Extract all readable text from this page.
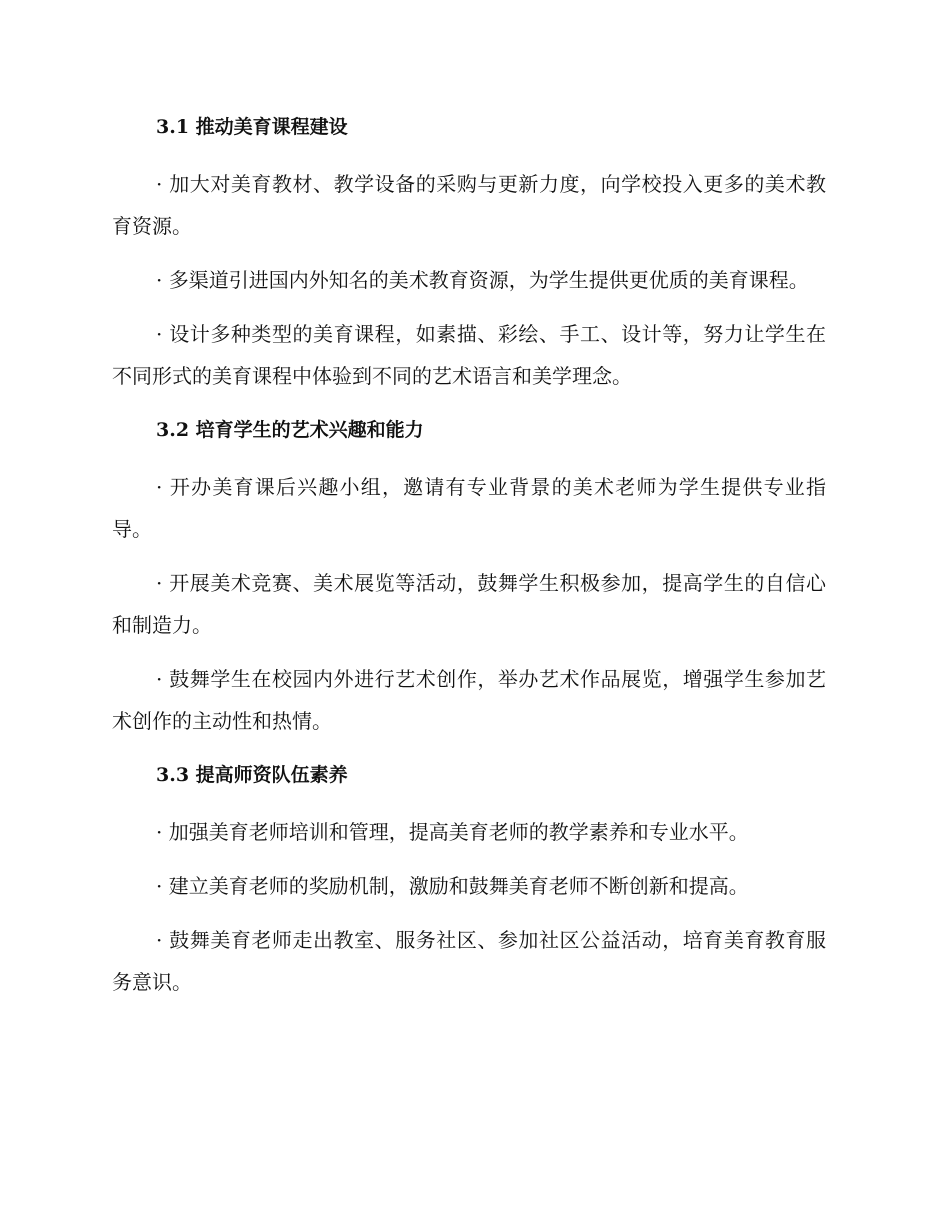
3.1 推动美育课程建设

· 加大对美育教材、教学设备的采购与更新力度，向学校投入更多的美术教育资源。

· 多渠道引进国内外知名的美术教育资源，为学生提供更优质的美育课程。

· 设计多种类型的美育课程，如素描、彩绘、手工、设计等，努力让学生在不同形式的美育课程中体验到不同的艺术语言和美学理念。

3.2 培育学生的艺术兴趣和能力

· 开办美育课后兴趣小组，邀请有专业背景的美术老师为学生提供专业指导。

· 开展美术竞赛、美术展览等活动，鼓舞学生积极参加，提高学生的自信心和制造力。

· 鼓舞学生在校园内外进行艺术创作，举办艺术作品展览，增强学生参加艺术创作的主动性和热情。

3.3 提高师资队伍素养

· 加强美育老师培训和管理，提高美育老师的教学素养和专业水平。

· 建立美育老师的奖励机制，激励和鼓舞美育老师不断创新和提高。

· 鼓舞美育老师走出教室、服务社区、参加社区公益活动，培育美育教育服务意识。
